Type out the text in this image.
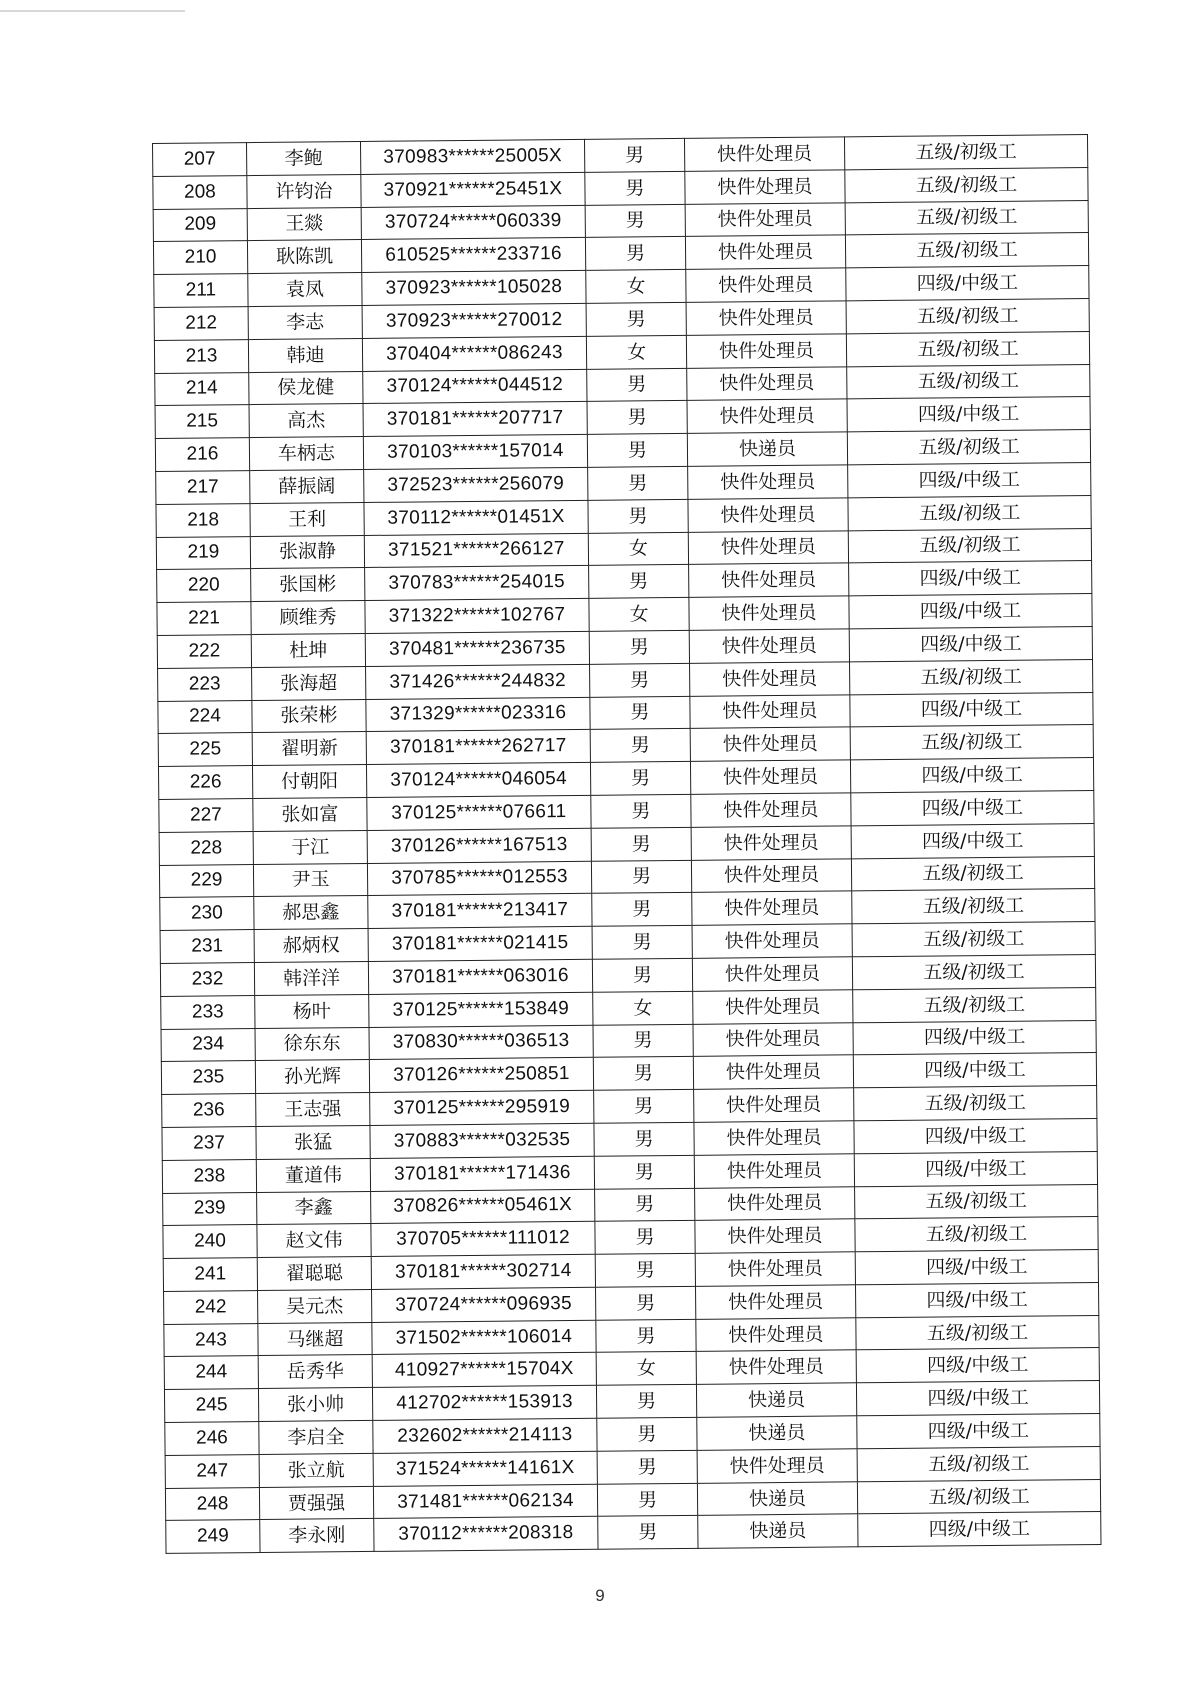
207	李鲍	370983******25005X	男	快件处理员	五级/初级工
208	许钧治	370921******25451X	男	快件处理员	五级/初级工
209	王燚	370724******060339	男	快件处理员	五级/初级工
210	耿陈凯	610525******233716	男	快件处理员	五级/初级工
211	袁凤	370923******105028	女	快件处理员	四级/中级工
212	李志	370923******270012	男	快件处理员	五级/初级工
213	韩迪	370404******086243	女	快件处理员	五级/初级工
214	侯龙健	370124******044512	男	快件处理员	五级/初级工
215	高杰	370181******207717	男	快件处理员	四级/中级工
216	车柄志	370103******157014	男	快递员	五级/初级工
217	薛振阔	372523******256079	男	快件处理员	四级/中级工
218	王利	370112******01451X	男	快件处理员	五级/初级工
219	张淑静	371521******266127	女	快件处理员	五级/初级工
220	张国彬	370783******254015	男	快件处理员	四级/中级工
221	顾维秀	371322******102767	女	快件处理员	四级/中级工
222	杜坤	370481******236735	男	快件处理员	四级/中级工
223	张海超	371426******244832	男	快件处理员	五级/初级工
224	张荣彬	371329******023316	男	快件处理员	四级/中级工
225	翟明新	370181******262717	男	快件处理员	五级/初级工
226	付朝阳	370124******046054	男	快件处理员	四级/中级工
227	张如富	370125******076611	男	快件处理员	四级/中级工
228	于江	370126******167513	男	快件处理员	四级/中级工
229	尹玉	370785******012553	男	快件处理员	五级/初级工
230	郝思鑫	370181******213417	男	快件处理员	五级/初级工
231	郝炳权	370181******021415	男	快件处理员	五级/初级工
232	韩洋洋	370181******063016	男	快件处理员	五级/初级工
233	杨叶	370125******153849	女	快件处理员	五级/初级工
234	徐东东	370830******036513	男	快件处理员	四级/中级工
235	孙光辉	370126******250851	男	快件处理员	四级/中级工
236	王志强	370125******295919	男	快件处理员	五级/初级工
237	张猛	370883******032535	男	快件处理员	四级/中级工
238	董道伟	370181******171436	男	快件处理员	四级/中级工
239	李鑫	370826******05461X	男	快件处理员	五级/初级工
240	赵文伟	370705******111012	男	快件处理员	五级/初级工
241	翟聪聪	370181******302714	男	快件处理员	四级/中级工
242	吴元杰	370724******096935	男	快件处理员	四级/中级工
243	马继超	371502******106014	男	快件处理员	五级/初级工
244	岳秀华	410927******15704X	女	快件处理员	四级/中级工
245	张小帅	412702******153913	男	快递员	四级/中级工
246	李启全	232602******214113	男	快递员	四级/中级工
247	张立航	371524******14161X	男	快件处理员	五级/初级工
248	贾强强	371481******062134	男	快递员	五级/初级工
249	李永刚	370112******208318	男	快递员	四级/中级工
9
